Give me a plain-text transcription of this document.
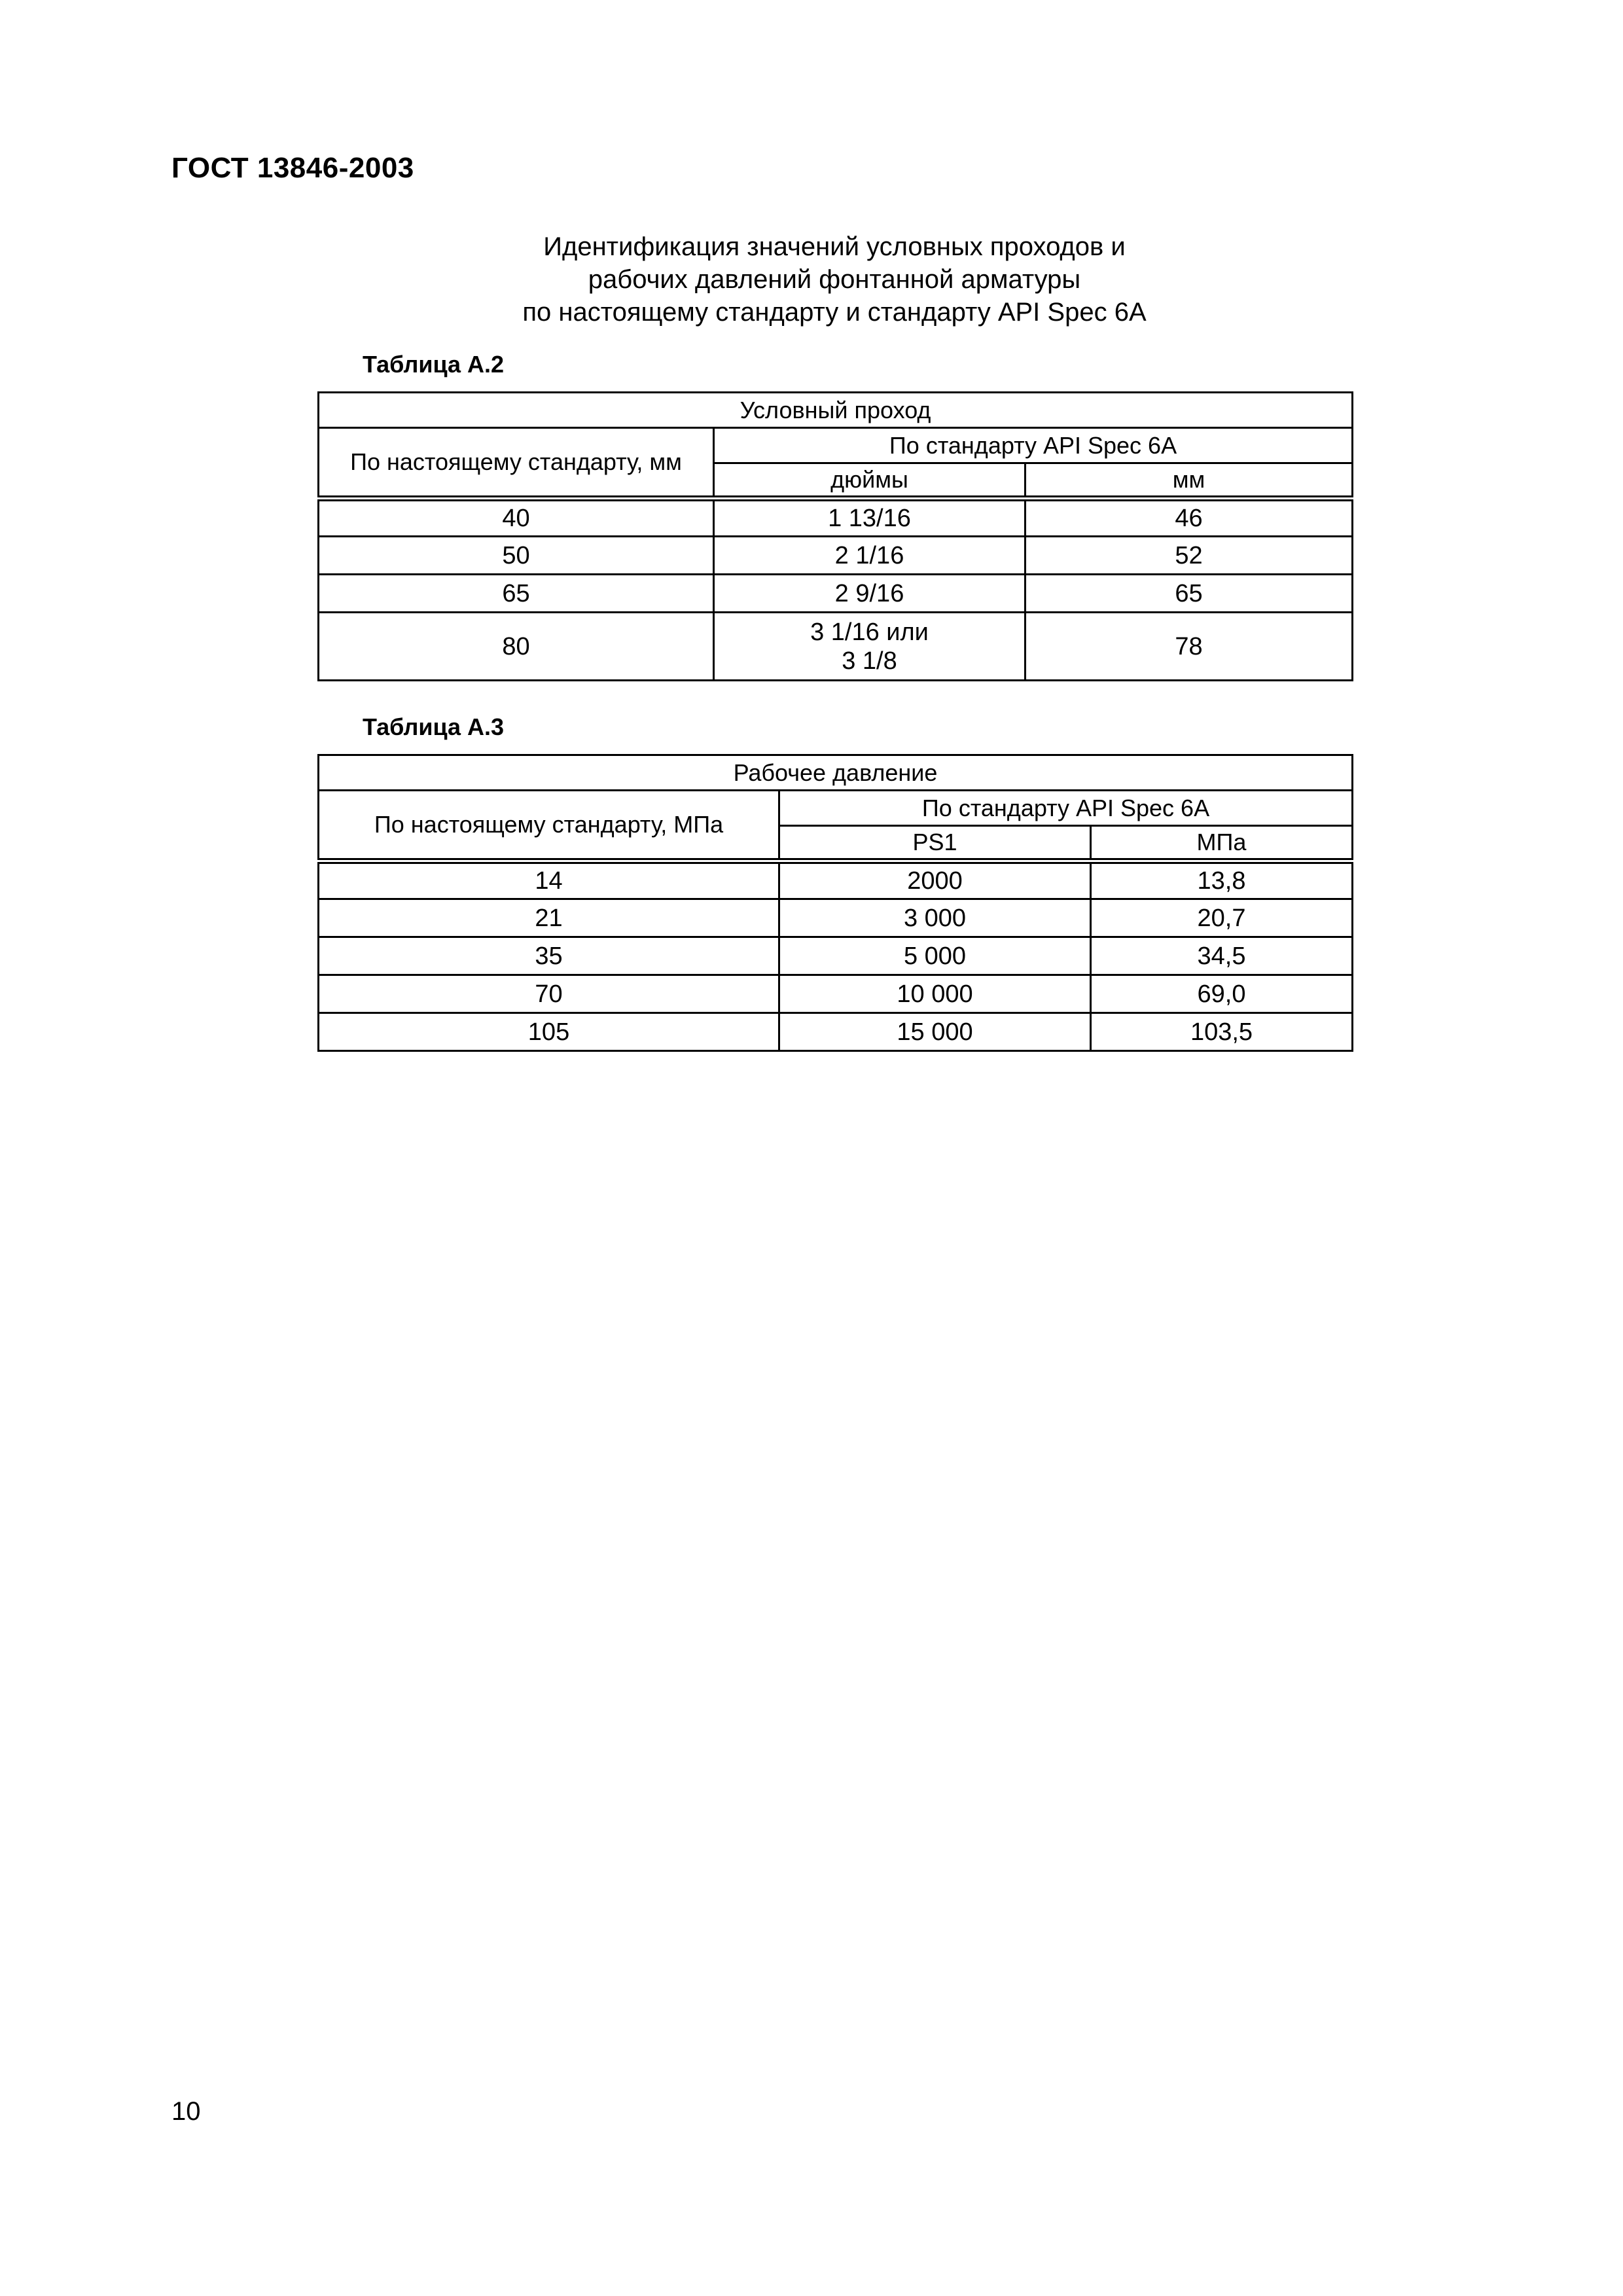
ГОСТ 13846-2003
Идентификация значений условных проходов и
рабочих давлений фонтанной арматуры
по настоящему стандарту и стандарту API Spec 6A
Таблица А.2
Условный проход		
По настоящему стандарту, мм	По стандарту API Spec 6A	
	дюймы	мм
40	1 13/16	46
50	2 1/16	52
65	2 9/16	65
80	3 1/16 или
3 1/8	78
Таблица А.3
Рабочее давление		
По настоящему стандарту, МПа	По стандарту API Spec 6A	
	PS1	МПа
14	2000	13,8
21	3 000	20,7
35	5 000	34,5
70	10 000	69,0
105	15 000	103,5
10
